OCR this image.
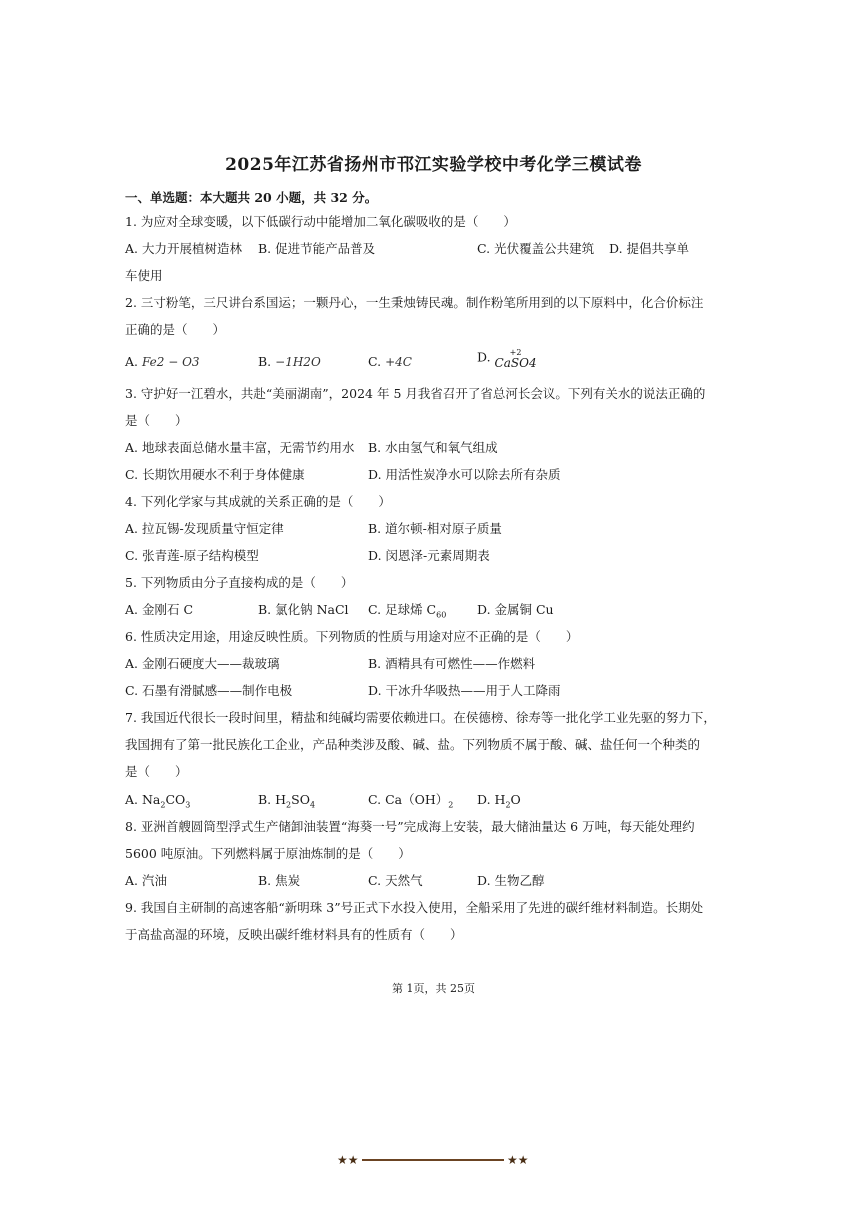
2025年江苏省扬州市邗江实验学校中考化学三模试卷
一、单选题：本大题共 20 小题，共 32 分。
1. 为应对全球变暖，以下低碳行动中能增加二氧化碳吸收的是（　　）
A. 大力开展植树造林 B. 促进节能产品普及	C. 光伏覆盖公共建筑 D. 提倡共享单
车使用
2. 三寸粉笔，三尺讲台系国运；一颗丹心，一生秉烛铸民魂。制作粉笔所用到的以下原料中，化合价标注
正确的是（　　）
A. Fe2 − O3	B. −1H2O	C. +4C	D.	+2
CaSO4
3. 守护好一江碧水，共赴“美丽湖南”，2024 年 5 月我省召开了省总河长会议。下列有关水的说法正确的
是（　　）
A. 地球表面总储水量丰富，无需节约用水 B. 水由氢气和氧气组成
C. 长期饮用硬水不利于身体健康	D. 用活性炭净水可以除去所有杂质
4. 下列化学家与其成就的关系正确的是（　　）
A. 拉瓦锡-发现质量守恒定律	B. 道尔顿-相对原子质量
C. 张青莲-原子结构模型	D. 闵恩泽-元素周期表
5. 下列物质由分子直接构成的是（　　）
A. 金刚石 C	B. 氯化钠 NaCl C. 足球烯 $C_{60}$ D. 金属铜 Cu
6. 性质决定用途，用途反映性质。下列物质的性质与用途对应不正确的是（　　）
A. 金刚石硬度大——裁玻璃	B. 酒精具有可燃性——作燃料
C. 石墨有滑腻感——制作电极	D. 干冰升华吸热——用于人工降雨
7. 我国近代很长一段时间里，精盐和纯碱均需要依赖进口。在侯德榜、徐寿等一批化学工业先驱的努力下，
我国拥有了第一批民族化工企业，产品种类涉及酸、碱、盐。下列物质不属于酸、碱、盐任何一个种类的
是（　　）
A. $Na_2CO_3$	B. $H_2SO_4$	C. $Ca(OH)_2$ D. $H_2O$
8. 亚洲首艘圆筒型浮式生产储卸油装置“海葵一号”完成海上安装，最大储油量达 6 万吨，每天能处理约
5600 吨原油。下列燃料属于原油炼制的是（　　）
A. 汽油	B. 焦炭	C. 天然气	D. 生物乙醇
9. 我国自主研制的高速客船“新明珠 3”号正式下水投入使用，全船采用了先进的碳纤维材料制造。长期处
于高盐高湿的环境，反映出碳纤维材料具有的性质有（　　）
第 1页，共 25页
★★	★★
